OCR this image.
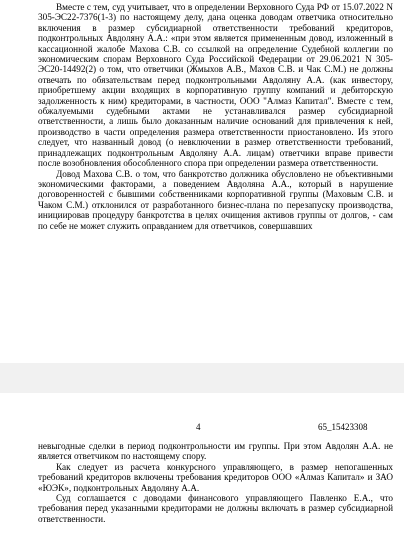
Вместе с тем, суд учитывает, что в определении Верховного Суда РФ от 15.07.2022 N 305-ЭС22-7376(1-3) по настоящему делу, дана оценка доводам ответчика относительно включения в размер субсидиарной ответственности требований кредиторов, подконтрольных Авдоляну А.А.: «при этом является примененным довод, изложенный в кассационной жалобе Махова С.В. со ссылкой на определение Судебной коллегии по экономическим спорам Верховного Суда Российской Федерации от 29.06.2021 N 305-ЭС20-14492(2) о том, что ответчики (Жмыхов А.В., Махов С.В. и Чак С.М.) не должны отвечать по обязательствам перед подконтрольными Авдоляну А.А. (как инвестору, приобретшему акции входящих в корпоративную группу компаний и дебиторскую задолженность к ним) кредиторами, в частности, ООО "Алмаз Капитал". Вместе с тем, обжалуемыми судебными актами не устанавливался размер субсидиарной ответственности, а лишь было доказанным наличие оснований для привлечения к ней, производство в части определения размера ответственности приостановлено. Из этого следует, что названный довод (о невключении в размер ответственности требований, принадлежащих подконтрольным Авдоляну А.А. лицам) ответчики вправе привести после возобновления обособленного спора при определении размера ответственности.

Довод Махова С.В. о том, что банкротство должника обусловлено не объективными экономическими факторами, а поведением Авдоляна А.А., который в нарушение договоренностей с бывшими собственниками корпоративной группы (Маховым С.В. и Чаком С.М.) отклонился от разработанного бизнес-плана по перезапуску производства, инициировав процедуру банкротства в целях очищения активов группы от долгов, - сам по себе не может служить оправданием для ответчиков, совершавших

4	65_15423308

невыгодные сделки в период подконтрольности им группы. При этом Авдолян А.А. не является ответчиком по настоящему спору.

Как следует из расчета конкурсного управляющего, в размер непогашенных требований кредиторов включены требования кредиторов ООО «Алмаз Капитал» и ЗАО «ЮЭК», подконтрольных Авдоляну А.А.

Суд соглашается с доводами финансового управляющего Павленко Е.А., что требования перед указанными кредиторами не должны включать в размер субсидиарной ответственности.
